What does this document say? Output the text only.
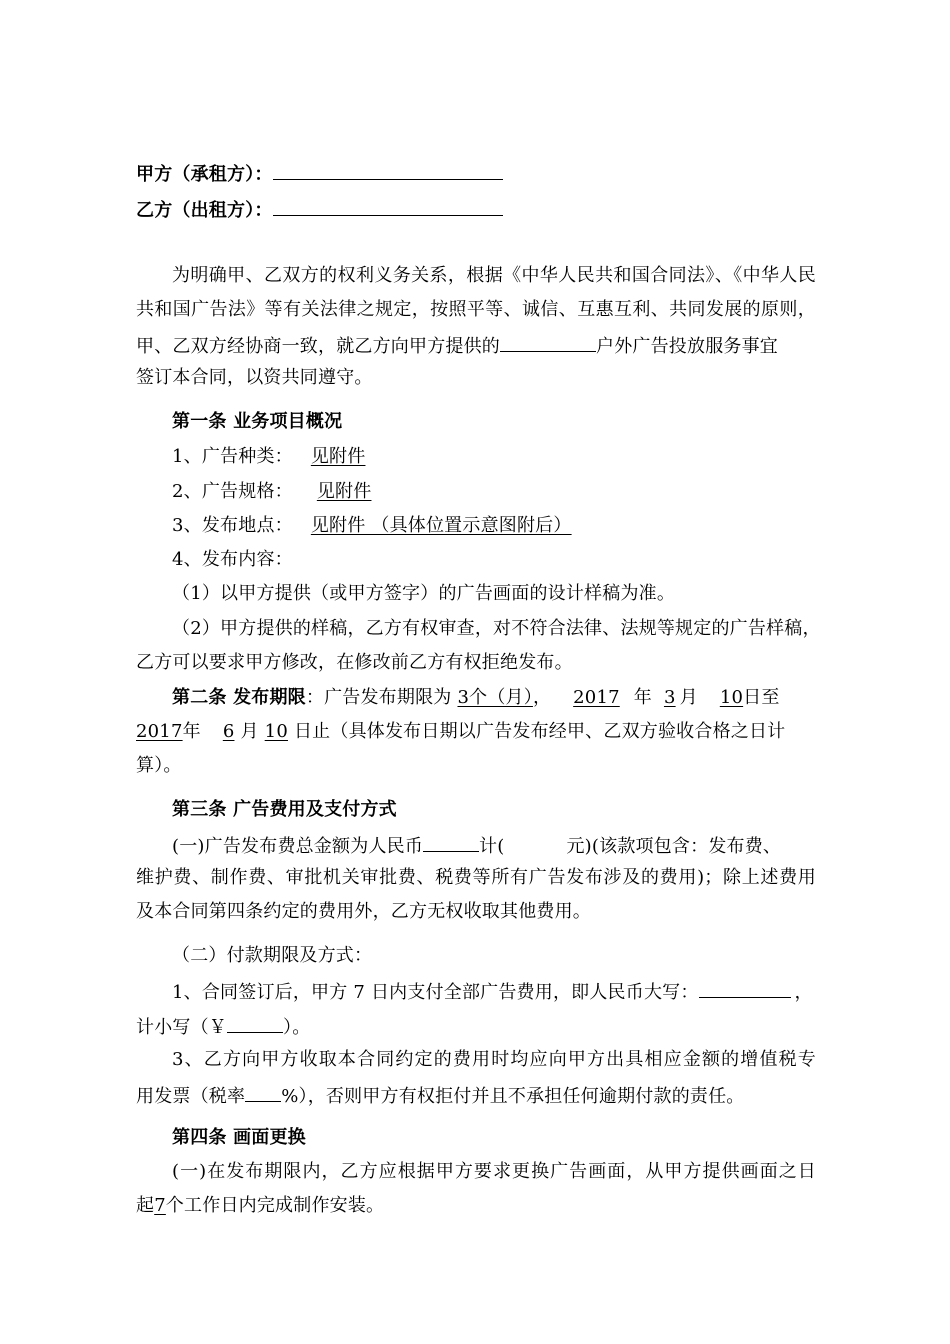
甲方（承租方）：
乙方（出租方）：
为明确甲、乙双方的权利义务关系，根据《中华人民共和国合同法》、《中华人民
共和国广告法》等有关法律之规定，按照平等、诚信、互惠互利、共同发展的原则，
甲、乙双方经协商一致，就乙方向甲方提供的	户外广告投放服务事宜
签订本合同，以资共同遵守。
第一条 业务项目概况
1、广告种类： 见附件
2、广告规格： 见附件
3、发布地点： 见附件 （具体位置示意图附后）
4、发布内容：
（1）以甲方提供（或甲方签字）的广告画面的设计样稿为准。
（2）甲方提供的样稿，乙方有权审查，对不符合法律、法规等规定的广告样稿，
乙方可以要求甲方修改，在修改前乙方有权拒绝发布。
第二条 发布期限：广告发布期限为 3个（月）， 2017 年 3 月 10日至
2017年 6 月 10 日止（具体发布日期以广告发布经甲、乙双方验收合格之日计
算）。
第三条 广告费用及支付方式
(一)广告发布费总金额为人民币	计(	元)(该款项包含：发布费、
维护费、制作费、审批机关审批费、税费等所有广告发布涉及的费用)；除上述费用
及本合同第四条约定的费用外，乙方无权收取其他费用。
（二）付款期限及方式：
1、合同签订后，甲方 7 日内支付全部广告费用，即人民币大写：	，
计小写（￥	）。
3、乙方向甲方收取本合同约定的费用时均应向甲方出具相应金额的增值税专
用发票（税率 %），否则甲方有权拒付并且不承担任何逾期付款的责任。
第四条 画面更换
(一)在发布期限内，乙方应根据甲方要求更换广告画面，从甲方提供画面之日
起7个工作日内完成制作安装。
